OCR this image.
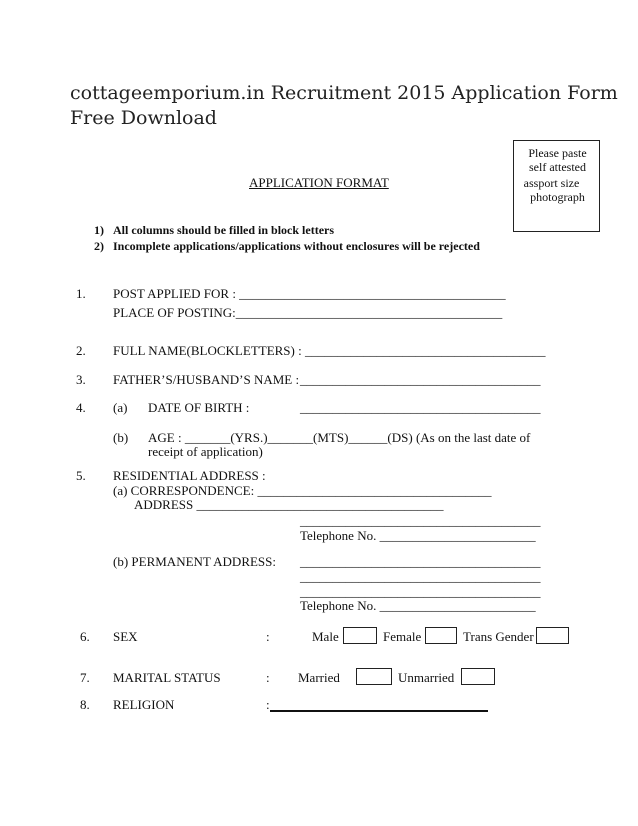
cottageemporium.in Recruitment 2015 Application Form
Free Download
Please paste
self attested
assport size
photograph
APPLICATION FORMAT
1) All columns should be filled in block letters
2) Incomplete applications/applications without enclosures will be rejected
1. POST APPLIED FOR : _________________________________________
PLACE OF POSTING:_________________________________________
2. FULL NAME(BLOCKLETTERS) : _____________________________________
3. FATHER’S/HUSBAND’S NAME : _____________________________________
4. (a) DATE OF BIRTH :	_____________________________________
(b) AGE : _______(YRS.)_______(MTS)______(DS) (As on the last date of
receipt of application)
5. RESIDENTIAL ADDRESS :
(a) CORRESPONDENCE: ____________________________________
ADDRESS ______________________________________
_____________________________________
Telephone No. ________________________
(b) PERMANENT ADDRESS: _____________________________________
_____________________________________
_____________________________________
Telephone No. ________________________
6. SEX	:	Male	Female	Trans Gender
7. MARITAL STATUS	: Married	Unmarried
8. RELIGION	:
